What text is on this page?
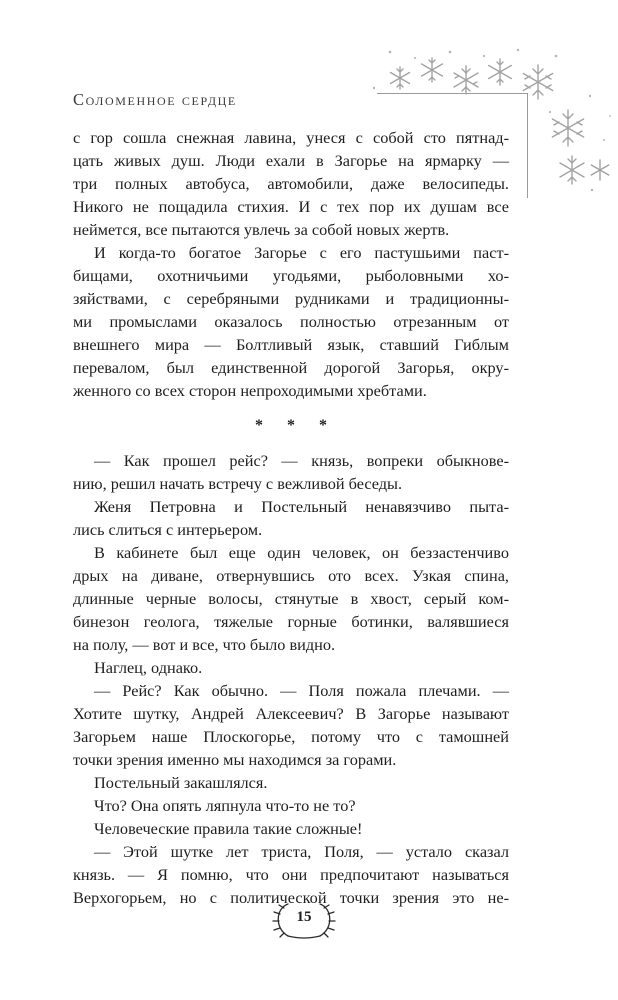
Соломенное сердце

с гор сошла снежная лавина, унеся с собой сто пятнад-
цать живых душ. Люди ехали в Загорье на ярмарку —
три полных автобуса, автомобили, даже велосипеды.
Никого не пощадила стихия. И с тех пор их душам все
неймется, все пытаются увлечь за собой новых жертв.

И когда-то богатое Загорье с его пастушьими паст-
бищами, охотничьими угодьями, рыболовными хо-
зяйствами, с серебряными рудниками и традиционны-
ми промыслами оказалось полностью отрезанным от
внешнего мира — Болтливый язык, ставший Гиблым
перевалом, был единственной дорогой Загорья, окру-
женного со всех сторон непроходимыми хребтами.

* * *

— Как прошел рейс? — князь, вопреки обыкнове-
нию, решил начать встречу с вежливой беседы.

Женя Петровна и Постельный ненавязчиво пыта-
лись слиться с интерьером.

В кабинете был еще один человек, он беззастенчиво
дрых на диване, отвернувшись ото всех. Узкая спина,
длинные черные волосы, стянутые в хвост, серый ком-
бинезон геолога, тяжелые горные ботинки, валявшиеся
на полу, — вот и все, что было видно.

Наглец, однако.

— Рейс? Как обычно. — Поля пожала плечами. —
Хотите шутку, Андрей Алексеевич? В Загорье называют
Загорьем наше Плоскогорье, потому что с тамошней
точки зрения именно мы находимся за горами.

Постельный закашлялся.

Что? Она опять ляпнула что-то не то?

Человеческие правила такие сложные!

— Этой шутке лет триста, Поля, — устало сказал
князь. — Я помню, что они предпочитают называться
Верхогорьем, но с политической точки зрения это не-

15
